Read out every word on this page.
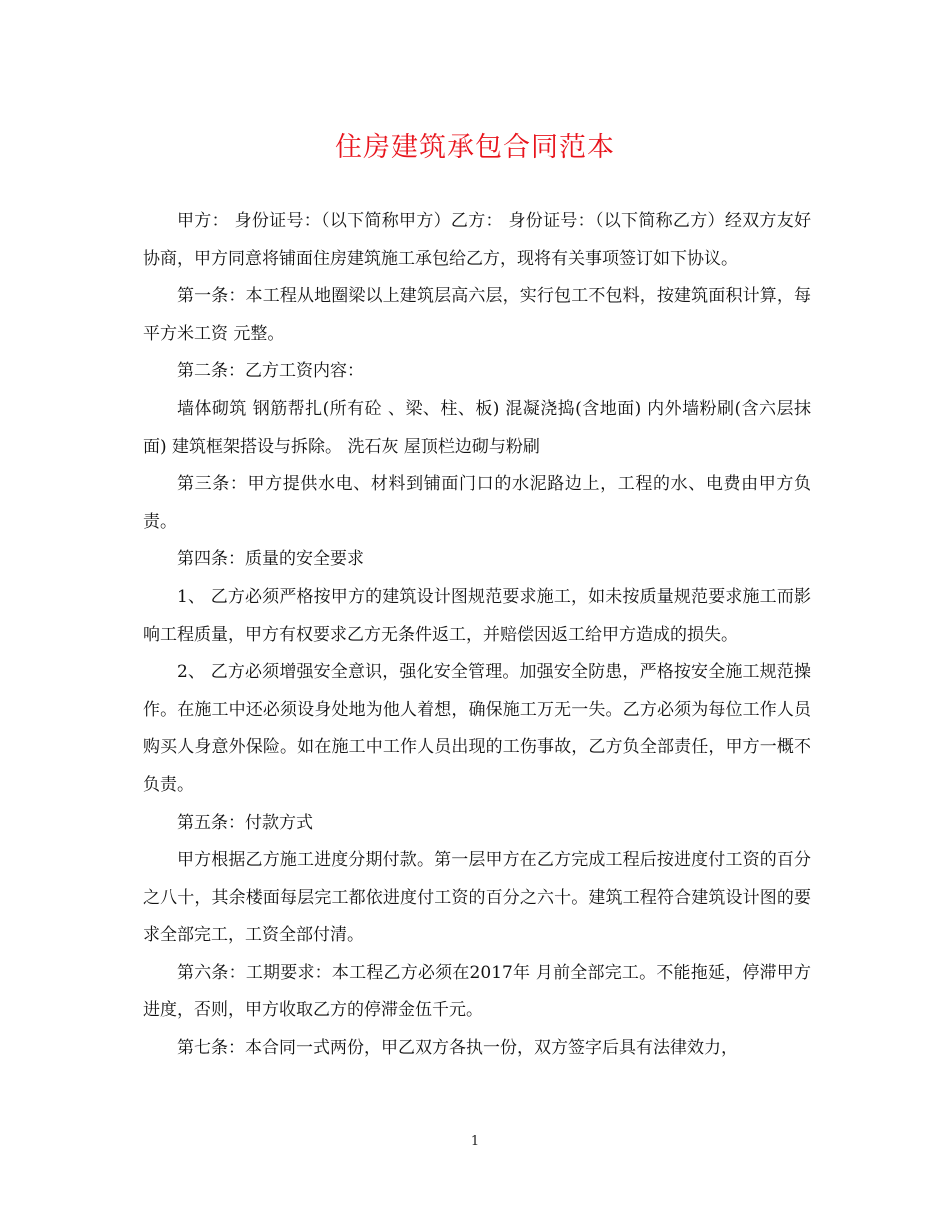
住房建筑承包合同范本

甲方： 身份证号：（以下简称甲方）乙方： 身份证号：（以下简称乙方）经双方友好协商，甲方同意将铺面住房建筑施工承包给乙方，现将有关事项签订如下协议。

第一条：本工程从地圈梁以上建筑层高六层，实行包工不包料，按建筑面积计算，每平方米工资 元整。

第二条：乙方工资内容：

墙体砌筑 钢筋帮扎(所有砼 、梁、柱、板) 混凝浇捣(含地面) 内外墙粉刷(含六层抹面) 建筑框架搭设与拆除。 洗石灰 屋顶栏边砌与粉刷

第三条：甲方提供水电、材料到铺面门口的水泥路边上，工程的水、电费由甲方负责。

第四条：质量的安全要求

1、 乙方必须严格按甲方的建筑设计图规范要求施工，如未按质量规范要求施工而影响工程质量，甲方有权要求乙方无条件返工，并赔偿因返工给甲方造成的损失。

2、 乙方必须增强安全意识，强化安全管理。加强安全防患，严格按安全施工规范操作。在施工中还必须设身处地为他人着想，确保施工万无一失。乙方必须为每位工作人员购买人身意外保险。如在施工中工作人员出现的工伤事故，乙方负全部责任，甲方一概不负责。

第五条：付款方式

甲方根据乙方施工进度分期付款。第一层甲方在乙方完成工程后按进度付工资的百分之八十，其余楼面每层完工都依进度付工资的百分之六十。建筑工程符合建筑设计图的要求全部完工，工资全部付清。

第六条：工期要求：本工程乙方必须在2017年 月前全部完工。不能拖延，停滞甲方进度，否则，甲方收取乙方的停滞金伍千元。

第七条：本合同一式两份，甲乙双方各执一份，双方签字后具有法律效力，

1
